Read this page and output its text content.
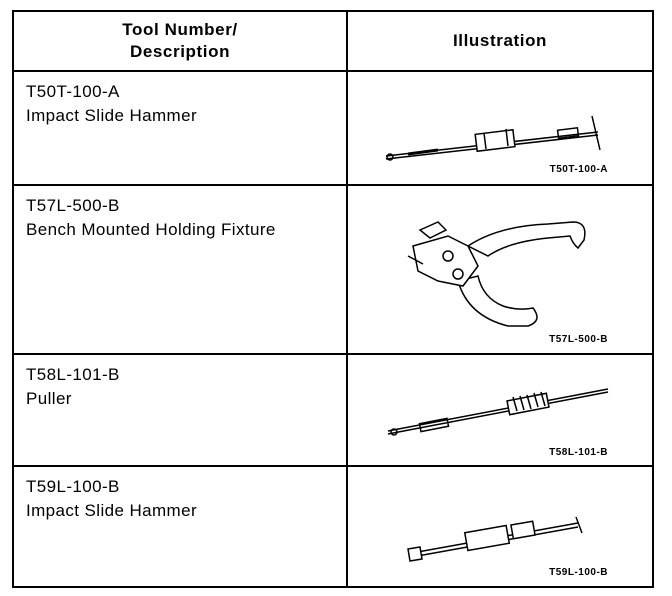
Tool Number/
Description
Illustration
T50T-100-A
Impact Slide Hammer
T50T-100-A
T57L-500-B
Bench Mounted Holding Fixture
T57L-500-B
T58L-101-B
Puller
T58L-101-B
T59L-100-B
Impact Slide Hammer
T59L-100-B
